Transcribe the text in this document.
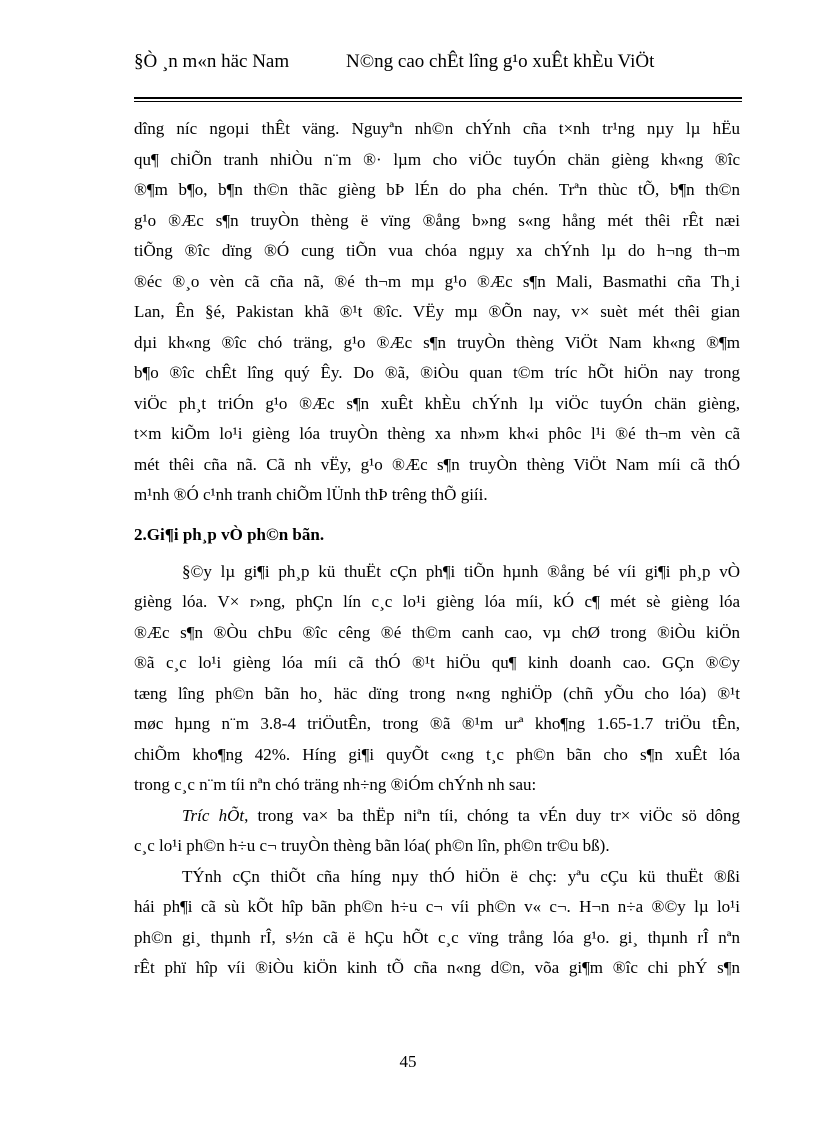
§Ò ¸n m«n häc Nam	N©ng cao chÊt lîng g¹o xuÊt khÈu ViÖt
dîng níc ngoµi thÊt väng. Nguyªn nh©n chÝnh cña t×nh tr¹ng nµy lµ hËu
qu¶ chiÕn tranh nhiÒu n¨m ®· lµm cho viÖc tuyÓn chän gièng kh«ng ®îc
®¶m b¶o, b¶n th©n thãc gièng bÞ lÉn do pha chén. Trªn thùc tÕ, b¶n th©n
g¹o ®Æc s¶n truyÒn thèng ë vïng ®ång b»ng s«ng hång mét thêi rÊt næi
tiÕng ®îc dïng ®Ó cung tiÕn vua chóa ngµy xa chÝnh lµ do h¬ng th¬m
®éc ®¸o vèn cã cña nã, ®é th¬m mµ g¹o ®Æc s¶n Mali, Basmathi cña Th¸i
Lan, Ên §é, Pakistan khã ®¹t ®îc. VËy mµ ®Õn nay, v× suèt mét thêi gian
dµi kh«ng ®îc chó träng, g¹o ®Æc s¶n truyÒn thèng ViÖt Nam kh«ng ®¶m
b¶o ®îc chÊt lîng quý Êy. Do ®ã, ®iÒu quan t©m tríc hÕt hiÖn nay trong
viÖc ph¸t triÓn g¹o ®Æc s¶n xuÊt khÈu chÝnh lµ viÖc tuyÓn chän gièng,
t×m kiÕm lo¹i gièng lóa truyÒn thèng xa nh»m kh«i phôc l¹i ®é th¬m vèn cã
mét thêi cña nã. Cã nh vËy, g¹o ®Æc s¶n truyÒn thèng ViÖt Nam míi cã thÓ
m¹nh ®Ó c¹nh tranh chiÕm lÜnh thÞ trêng thÕ giíi.
2.Gi¶i ph¸p vÒ ph©n bãn.
§©y lµ gi¶i ph¸p kü thuËt cÇn ph¶i tiÕn hµnh ®ång bé víi gi¶i ph¸p vÒ
gièng lóa. V× r»ng, phÇn lín c¸c lo¹i gièng lóa míi, kÓ c¶ mét sè gièng lóa
®Æc s¶n ®Òu chÞu ®îc cêng ®é th©m canh cao, vµ chØ trong ®iÒu kiÖn
®ã c¸c lo¹i gièng lóa míi cã thÓ ®¹t hiÖu qu¶ kinh doanh cao. GÇn ®©y
tæng lîng ph©n bãn ho¸ häc dïng trong n«ng nghiÖp (chñ yÕu cho lóa) ®¹t
møc hµng n¨m 3.8-4 triÖutÊn, trong ®ã ®¹m urª kho¶ng 1.65-1.7 triÖu tÊn,
chiÕm kho¶ng 42%. Híng gi¶i quyÕt c«ng t¸c ph©n bãn cho s¶n xuÊt lóa
trong c¸c n¨m tíi nªn chó träng nh÷ng ®iÓm chÝnh nh sau:
Tríc hÕt, trong va× ba thËp niªn tíi, chóng ta vÉn duy tr× viÖc sö dông
c¸c lo¹i ph©n h÷u c¬ truyÒn thèng bãn lóa( ph©n lîn, ph©n tr©u bß).
TÝnh cÇn thiÕt cña híng nµy thÓ hiÖn ë chç: yªu cÇu kü thuËt ®ßi
hái ph¶i cã sù kÕt hîp bãn ph©n h÷u c¬ víi ph©n v« c¬. H¬n n÷a ®©y lµ lo¹i
ph©n gi¸ thµnh rÎ, s½n cã ë hÇu hÕt c¸c vïng trång lóa g¹o. gi¸ thµnh rÎ nªn
rÊt phï hîp víi ®iÒu kiÖn kinh tÕ cña n«ng d©n, võa gi¶m ®îc chi phÝ s¶n
45
